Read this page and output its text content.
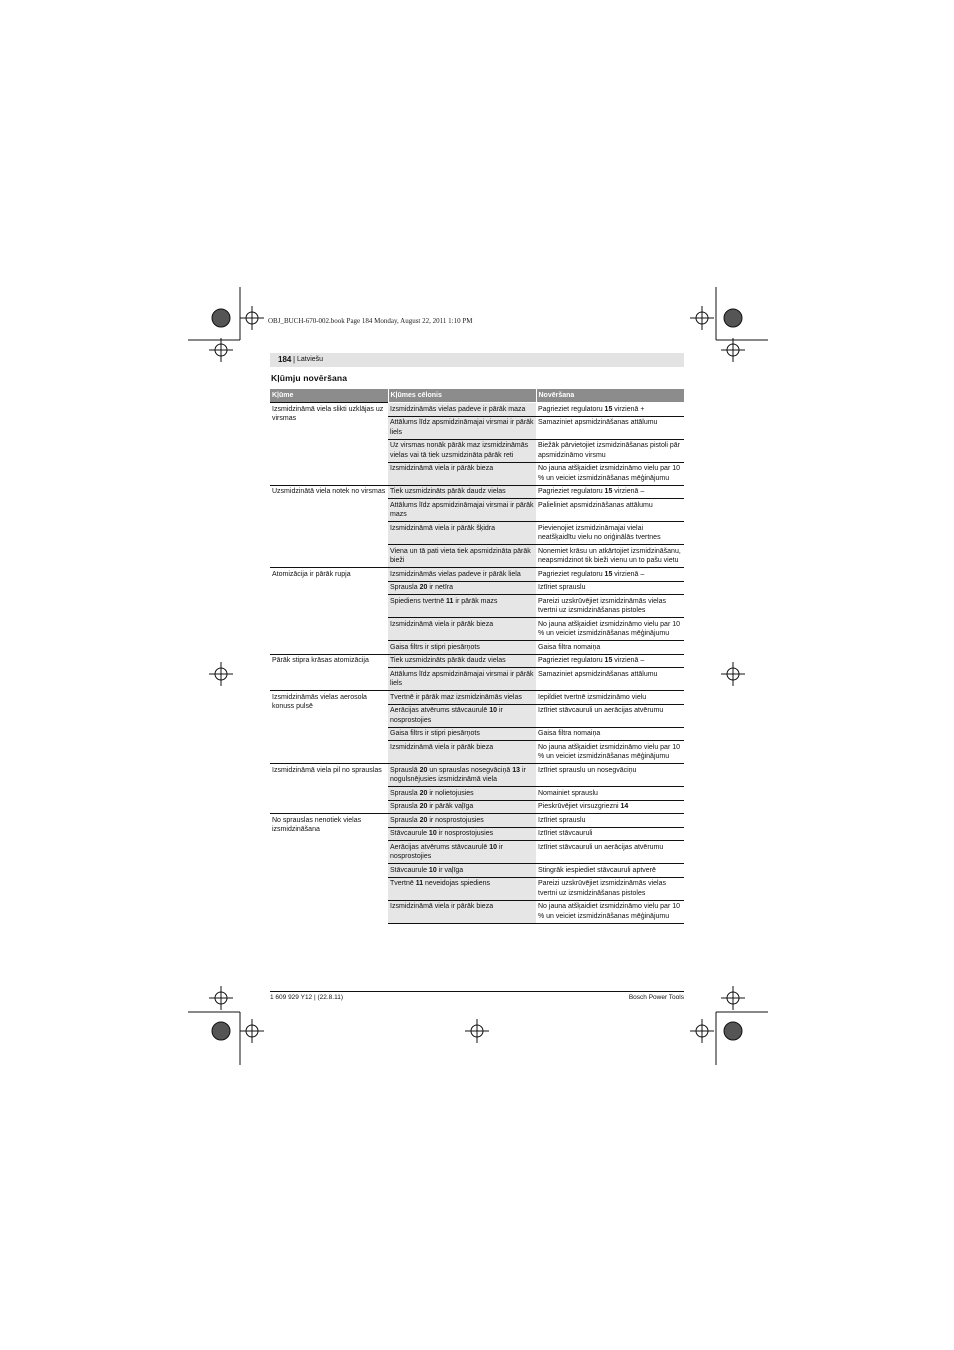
OBJ_BUCH-670-002.book Page 184 Monday, August 22, 2011 1:10 PM
184 | Latviešu
Kļūmju novēršana
Kļūme	Kļūmes cēlonis	Novēršana
Izsmidzināmā viela slikti uzklājas uz virsmas	Izsmidzināmās vielas padeve ir pārāk maza	Pagrieziet regulatoru 15 virzienā +
	Attālums līdz apsmidzināmajai virsmai ir pārāk liels	Samaziniet apsmidzināšanas attālumu
	Uz virsmas nonāk pārāk maz izsmidzināmās vielas vai tā tiek uzsmidzināta pārāk reti	Biežāk pārvietojiet izsmidzināšanas pistoli pār apsmidzināmo virsmu
	Izsmidzināmā viela ir pārāk bieza	No jauna atšķaidiet izsmidzināmo vielu par 10 % un veiciet izsmidzināšanas mēģinājumu
Uzsmidzinātā viela notek no virsmas	Tiek uzsmidzināts pārāk daudz vielas	Pagrieziet regulatoru 15 virzienā –
	Attālums līdz apsmidzināmajai virsmai ir pārāk mazs	Palieliniet apsmidzināšanas attālumu
	Izsmidzināmā viela ir pārāk šķidra	Pievienojiet izsmidzināmajai vielai neatšķaidītu vielu no oriģinālās tvertnes
	Viena un tā pati vieta tiek apsmidzināta pārāk bieži	Nonemiet krāsu un atkārtojiet izsmidzināšanu, neapsmidzinot tik bieži vienu un to pašu vietu
Atomizācija ir pārāk rupja	Izsmidzināmās vielas padeve ir pārāk liela	Pagrieziet regulatoru 15 virzienā –
	Sprausla 20 ir netīra	Iztīriet sprauslu
	Spiediens tvertnē 11 ir pārāk mazs	Pareizi uzskrūvējiet izsmidzināmās vielas tvertni uz izsmidzināšanas pistoles
	Izsmidzināmā viela ir pārāk bieza	No jauna atšķaidiet izsmidzināmo vielu par 10 % un veiciet izsmidzināšanas mēģinājumu
	Gaisa filtrs ir stipri piesārņots	Gaisa filtra nomaiņa
Pārāk stipra krāsas atomizācija	Tiek uzsmidzināts pārāk daudz vielas	Pagrieziet regulatoru 15 virzienā –
	Attālums līdz apsmidzināmajai virsmai ir pārāk liels	Samaziniet apsmidzināšanas attālumu
Izsmidzināmās vielas aerosola konuss pulsē	Tvertnē ir pārāk maz izsmidzināmās vielas	Iepildiet tvertnē izsmidzināmo vielu
	Aerācijas atvērums stāvcaurulē 10 ir nosprostojies	Iztīriet stāvcauruli un aerācijas atvērumu
	Gaisa filtrs ir stipri piesārņots	Gaisa filtra nomaiņa
	Izsmidzināmā viela ir pārāk bieza	No jauna atšķaidiet izsmidzināmo vielu par 10 % un veiciet izsmidzināšanas mēģinājumu
Izsmidzināmā viela pil no sprauslas	Sprauslā 20 un sprauslas nosegvāciņā 13 ir nogulsnējusies izsmidzināmā viela	Iztīriet sprauslu un nosegvāciņu
	Sprausla 20 ir nolietojusies	Nomainiet sprauslu
	Sprausla 20 ir pārāk vaļīga	Pieskrūvējiet virsuzgriezni 14
No sprauslas nenotiek vielas izsmidzināšana	Sprausla 20 ir nosprostojusies	Iztīriet sprauslu
	Stāvcaurule 10 ir nosprostojusies	Iztīriet stāvcauruli
	Aerācijas atvērums stāvcaurulē 10 ir nosprostojies	Iztīriet stāvcauruli un aerācijas atvērumu
	Stāvcaurule 10 ir vaļīga	Stingrāk iespiediet stāvcauruli aptverē
	Tvertnē 11 neveidojas spiediens	Pareizi uzskrūvējiet izsmidzināmās vielas tvertni uz izsmidzināšanas pistoles
	Izsmidzināmā viela ir pārāk bieza	No jauna atšķaidiet izsmidzināmo vielu par 10 % un veiciet izsmidzināšanas mēģinājumu
1 609 929 Y12 | (22.8.11)	Bosch Power Tools
